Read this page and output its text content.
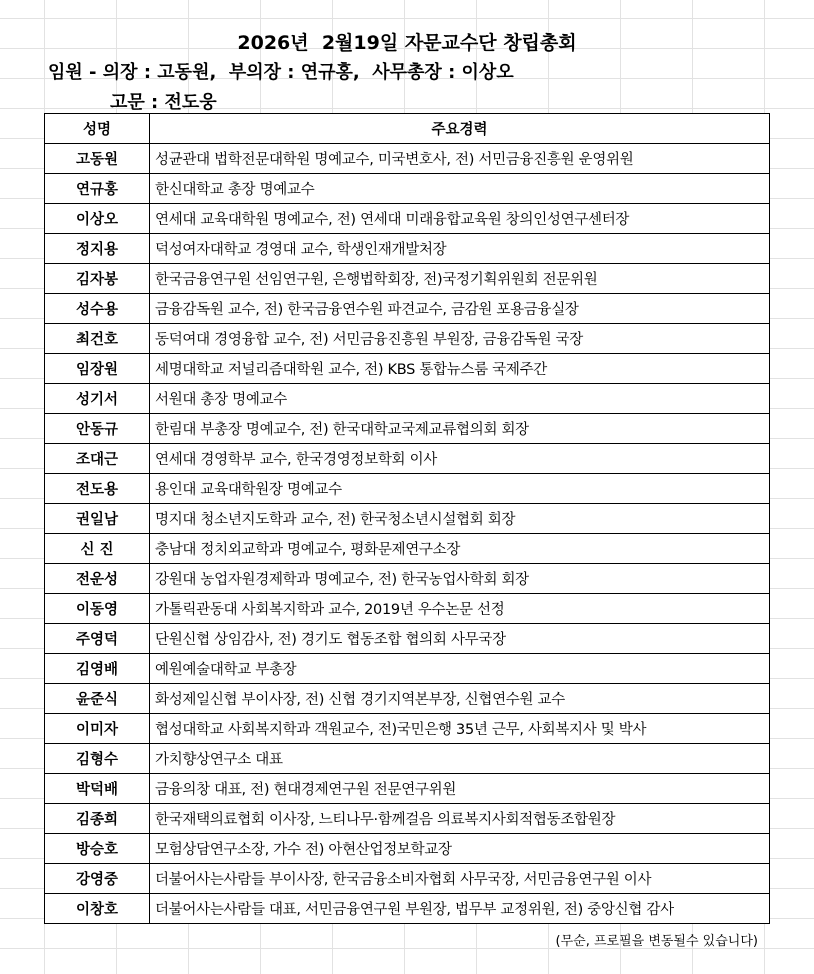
2026년  2월19일 자문교수단 창립총회
임원 - 의장 : 고동원,  부의장 : 연규홍,  사무총장 : 이상오
고문 : 전도웅
성명	주요경력
고동원	성균관대 법학전문대학원 명예교수, 미국변호사, 전) 서민금융진흥원 운영위원
연규홍	한신대학교 총장 명예교수
이상오	연세대 교육대학원 명예교수, 전) 연세대 미래융합교육원 창의인성연구센터장
정지용	덕성여자대학교 경영대 교수, 학생인재개발처장
김자봉	한국금융연구원 선임연구원, 은행법학회장, 전)국정기획위원회 전문위원
성수용	금융감독원 교수, 전) 한국금융연수원 파견교수, 금감원 포용금융실장
최건호	동덕여대 경영융합 교수, 전) 서민금융진흥원 부원장, 금융감독원 국장
임장원	세명대학교 저널리즘대학원 교수, 전) KBS 통합뉴스룸 국제주간
성기서	서원대 총장 명예교수
안동규	한림대 부총장 명예교수, 전) 한국대학교국제교류협의회 회장
조대근	연세대 경영학부 교수, 한국경영정보학회 이사
전도용	용인대 교육대학원장 명예교수
권일남	명지대 청소년지도학과 교수, 전) 한국청소년시설협회 회장
신 진	충남대 정치외교학과 명예교수, 평화문제연구소장
전운성	강원대 농업자원경제학과 명예교수, 전) 한국농업사학회 회장
이동영	가톨릭관동대 사회복지학과 교수, 2019년 우수논문 선정
주영덕	단원신협 상임감사, 전) 경기도 협동조합 협의회 사무국장
김영배	예원예술대학교 부총장
윤준식	화성제일신협 부이사장, 전) 신협 경기지역본부장, 신협연수원 교수
이미자	협성대학교 사회복지학과 객원교수, 전)국민은행 35년 근무, 사회복지사 및 박사
김형수	가치향상연구소 대표
박덕배	금융의창 대표, 전) 현대경제연구원 전문연구위원
김종희	한국재택의료협회 이사장, 느티나무·함께걸음 의료복지사회적협동조합원장
방승호	모험상담연구소장, 가수 전) 아현산업정보학교장
강영중	더불어사는사람들 부이사장, 한국금융소비자협회 사무국장, 서민금융연구원 이사
이창호	더불어사는사람들 대표, 서민금융연구원 부원장, 법무부 교정위원, 전) 중앙신협 감사
(무순, 프로필을 변동될수 있습니다)
